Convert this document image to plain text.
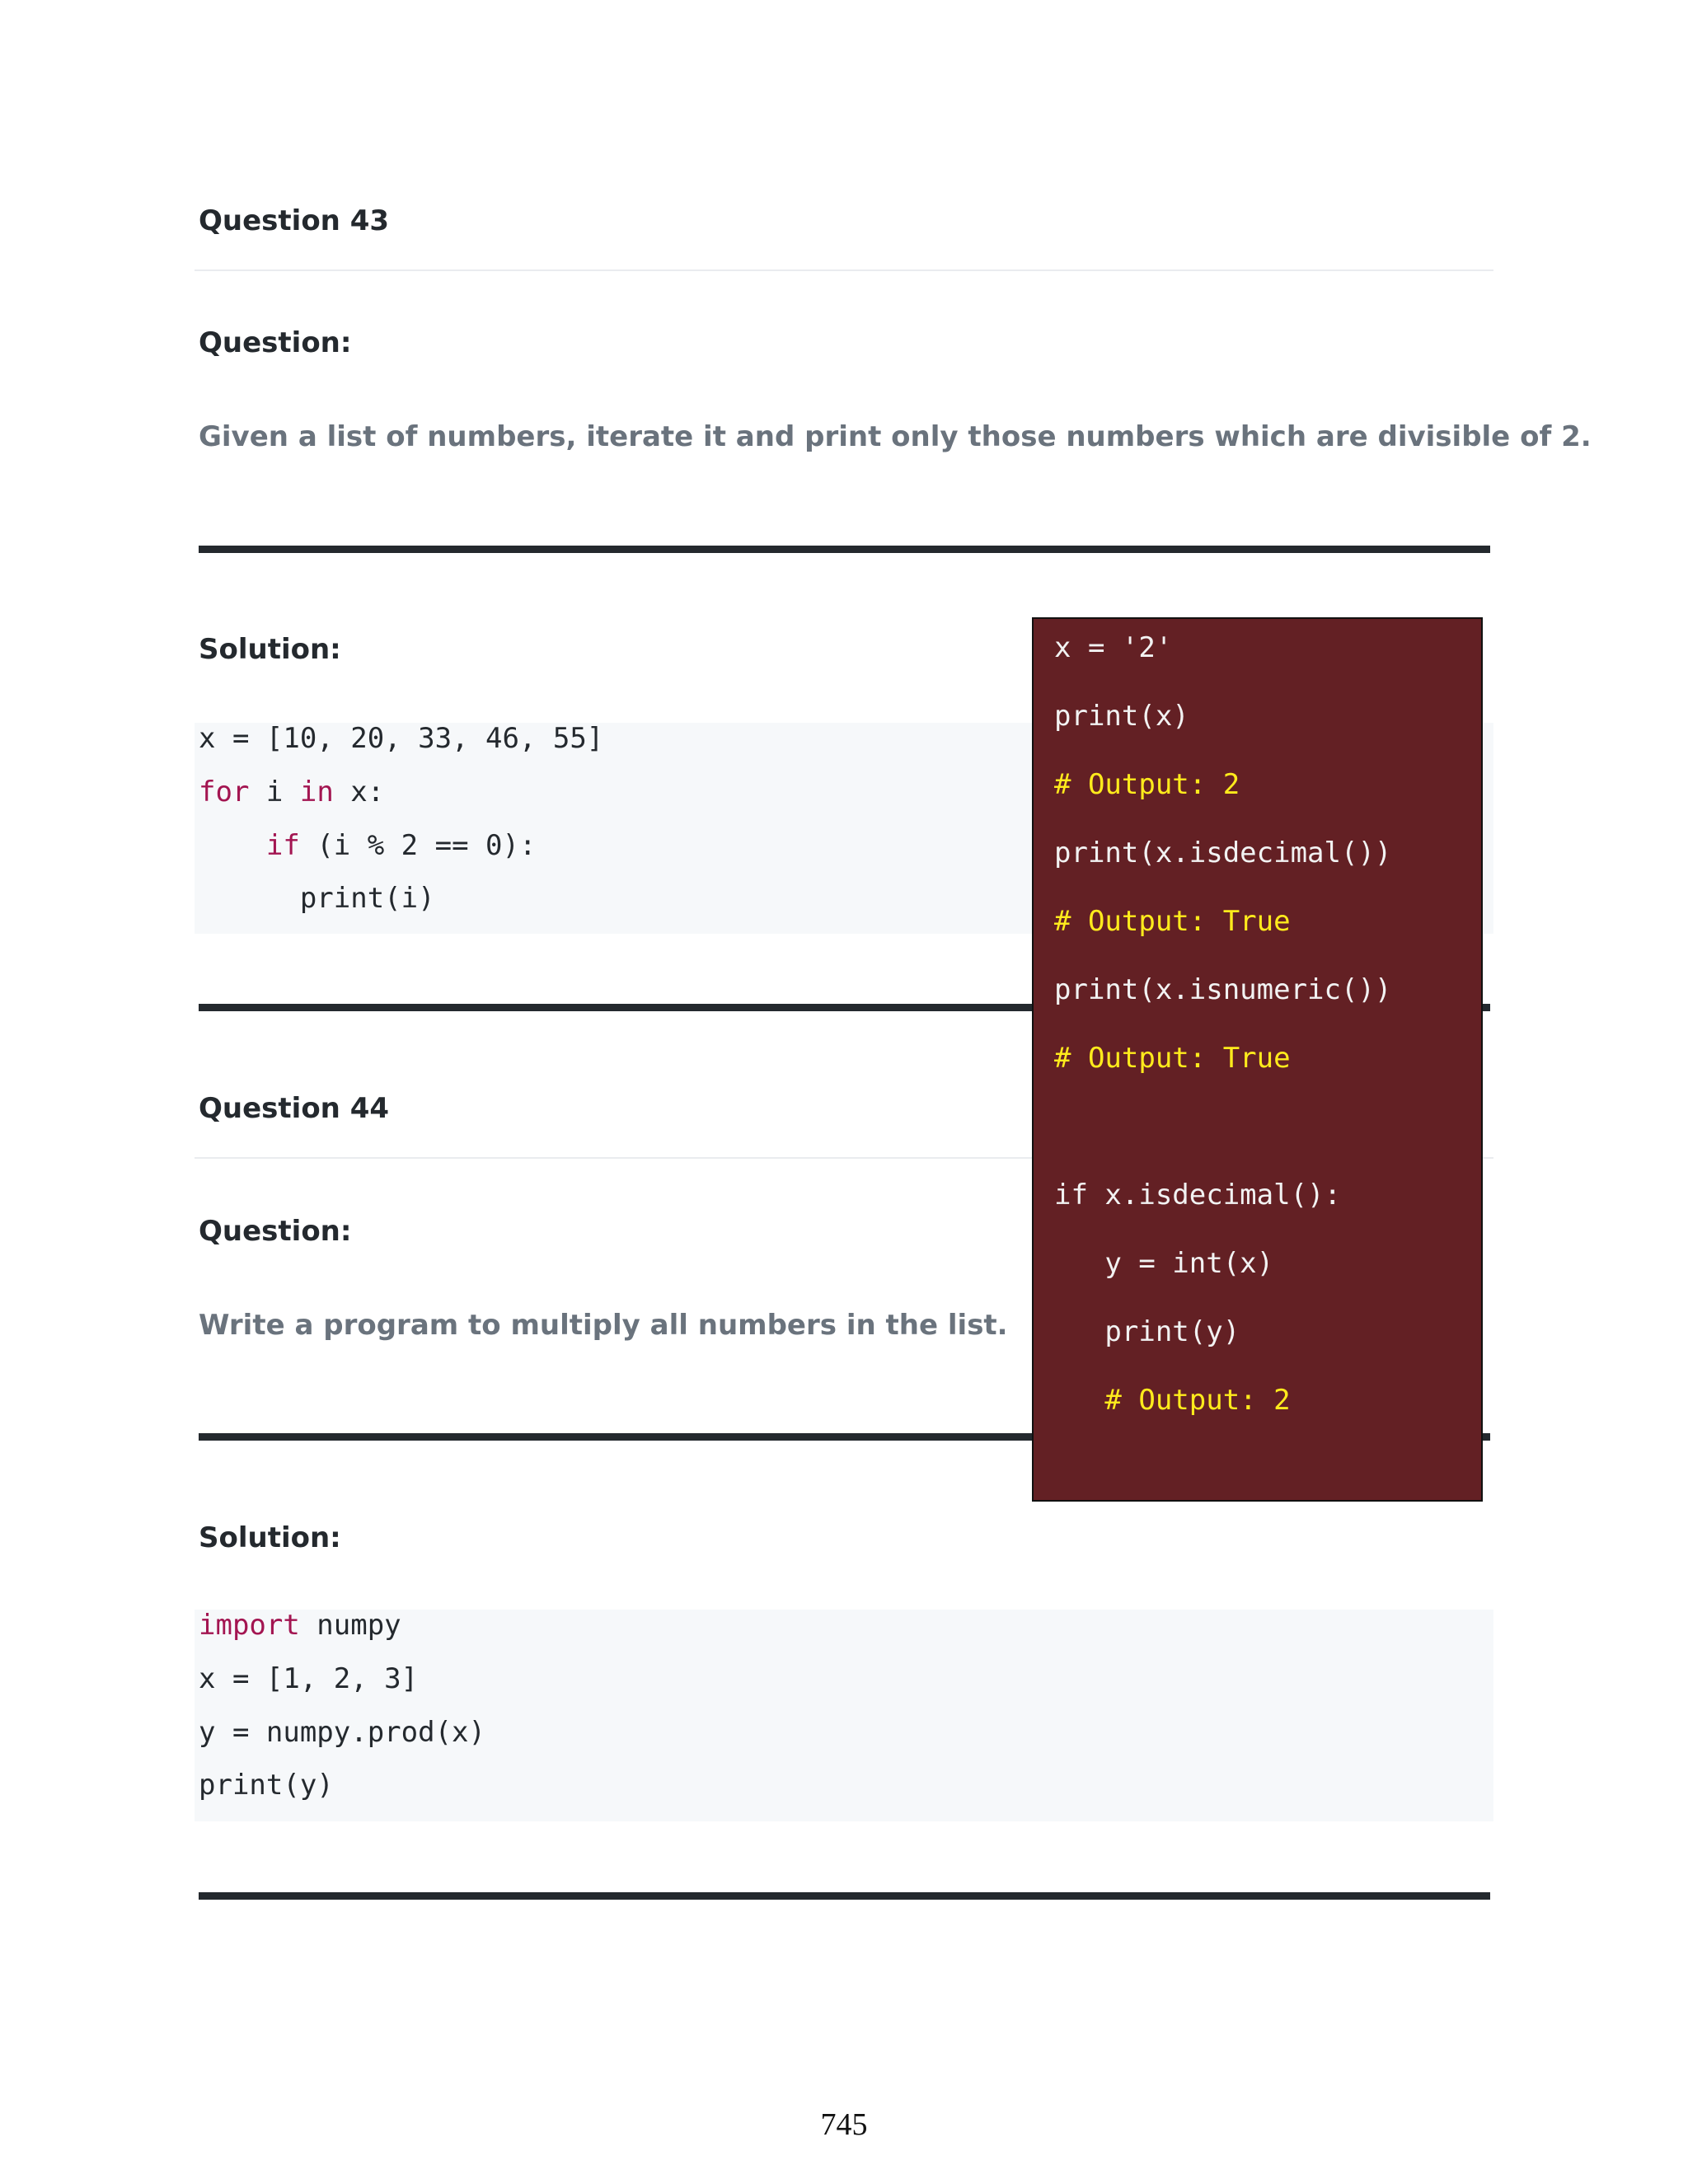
Question 43
Question:
Given a list of numbers, iterate it and print only those numbers which are divisible of 2.
Solution:
x = [10, 20, 33, 46, 55]
for i in x:
if (i % 2 == 0):
print(i)
Question 44
Question:
Write a program to multiply all numbers in the list.
Solution:
import numpy
x = [1, 2, 3]
y = numpy.prod(x)
print(y)
x = '2'
print(x)
# Output: 2
print(x.isdecimal())
# Output: True
print(x.isnumeric())
# Output: True
if x.isdecimal():
y = int(x)
print(y)
# Output: 2
745
